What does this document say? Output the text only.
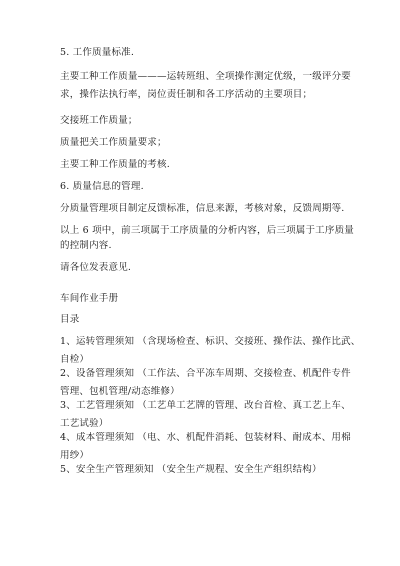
5. 工作质量标准.
主要工种工作质量———运转班组、全项操作测定优级，一级评分要
求，操作法执行率，岗位责任制和各工序活动的主要项目；
交接班工作质量；
质量把关工作质量要求；
主要工种工作质量的考核.
6. 质量信息的管理.
分质量管理项目制定反馈标准，信息来源，考核对象，反馈周期等.
以上 6 项中，前三项属于工序质量的分析内容，后三项属于工序质量
的控制内容.
请各位发表意见.
车间作业手册
目录
1、运转管理须知 （含现场检查、标识、交接班、操作法、操作比武、
自检）
2、设备管理须知 （工作法、合平冻车周期、交接检查、机配件专件
管理、包机管理/动态维修）
3、工艺管理须知 （工艺单工艺牌的管理、改台首检、真工艺上车、
工艺试验）
4、成本管理须知 （电、水、机配件消耗、包装材料、耐成本、用棉
用纱）
5、安全生产管理须知 （安全生产规程、安全生产组织结构）
